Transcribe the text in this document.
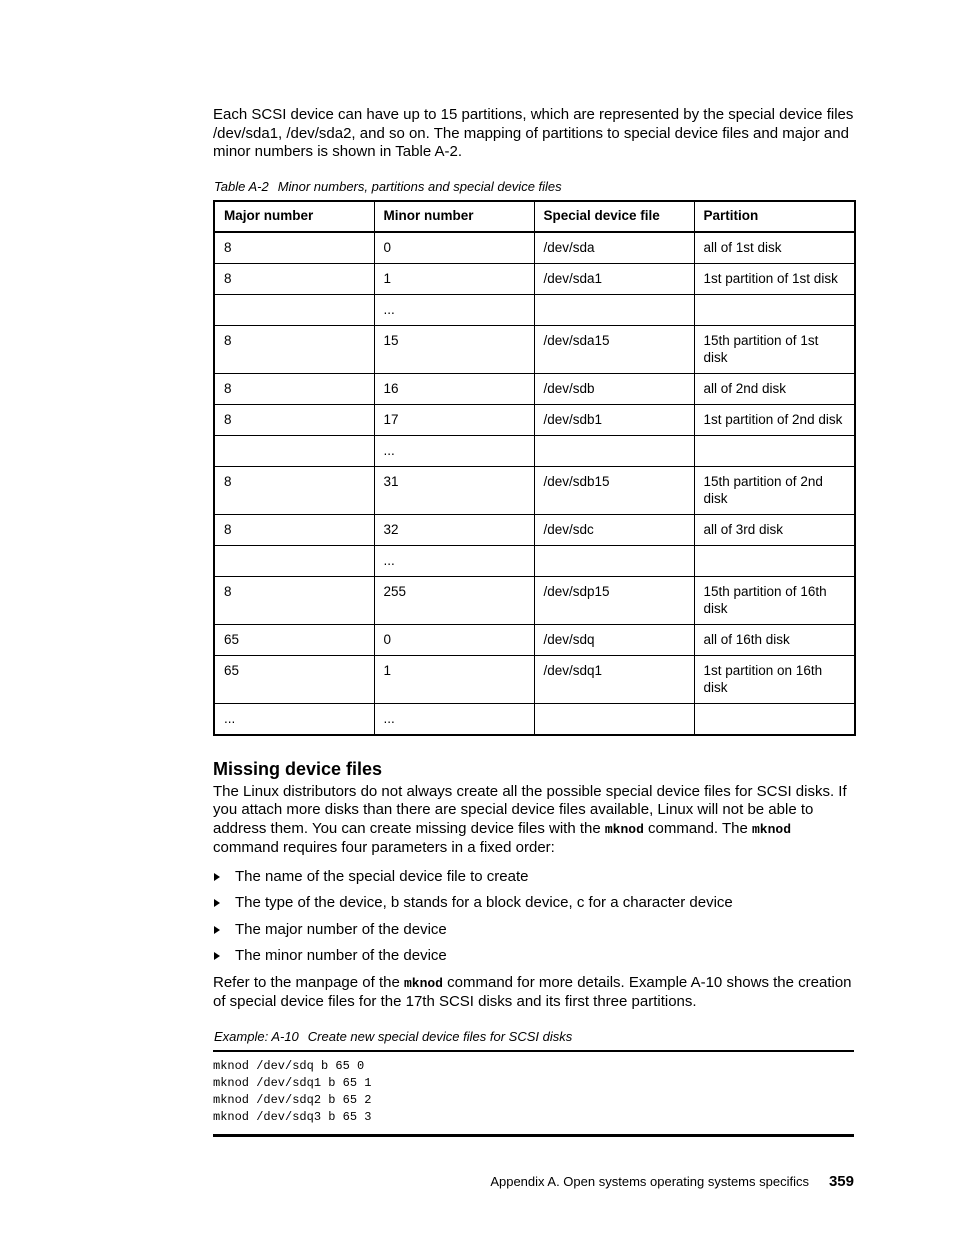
Each SCSI device can have up to 15 partitions, which are represented by the special device files /dev/sda1, /dev/sda2, and so on. The mapping of partitions to special device files and major and minor numbers is shown in Table A-2.

Table A-2 Minor numbers, partitions and special device files
Major number	Minor number	Special device file	Partition
8	0	/dev/sda	all of 1st disk
8	1	/dev/sda1	1st partition of 1st disk
	...		
8	15	/dev/sda15	15th partition of 1st disk
8	16	/dev/sdb	all of 2nd disk
8	17	/dev/sdb1	1st partition of 2nd disk
	...		
8	31	/dev/sdb15	15th partition of 2nd disk
8	32	/dev/sdc	all of 3rd disk
	...		
8	255	/dev/sdp15	15th partition of 16th disk
65	0	/dev/sdq	all of 16th disk
65	1	/dev/sdq1	1st partition on 16th disk
...	...		
Missing device files

The Linux distributors do not always create all the possible special device files for SCSI disks. If you attach more disks than there are special device files available, Linux will not be able to address them. You can create missing device files with the mknod command. The mknod command requires four parameters in a fixed order:

The name of the special device file to create
The type of the device, b stands for a block device, c for a character device
The major number of the device
The minor number of the device

Refer to the manpage of the mknod command for more details. Example A-10 shows the creation of special device files for the 17th SCSI disks and its first three partitions.

Example: A-10 Create new special device files for SCSI disks
mknod /dev/sdq b 65 0
mknod /dev/sdq1 b 65 1
mknod /dev/sdq2 b 65 2
mknod /dev/sdq3 b 65 3
Appendix A. Open systems operating systems specifics 359
